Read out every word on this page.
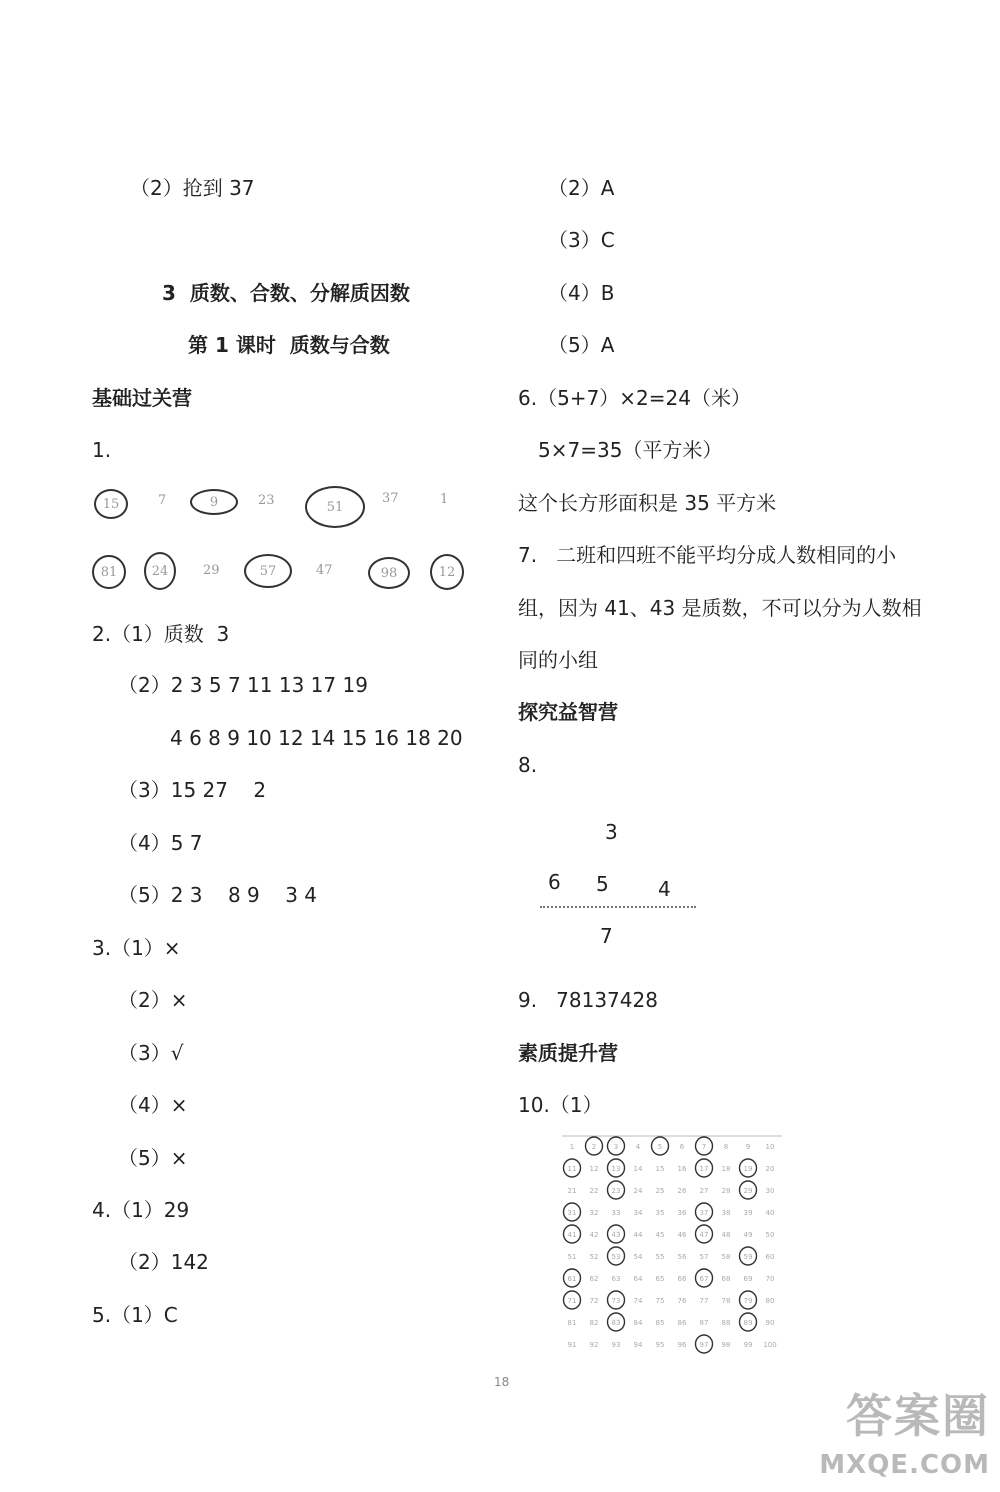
（2）抢到 37
3  质数、合数、分解质因数
第 1 课时  质数与合数
基础过关营
1.
15	7	9	23	51
37	1
81	24	29	57	47	98	12
2.（1）质数  3
（2）2 3 5 7 11 13 17 19
4 6 8 9 10 12 14 15 16 18 20
（3）15 27    2
（4）5 7
（5）2 3    8 9    3 4
3.（1）×
（2）×
（3）√
（4）×
（5）×
4.（1）29
（2）142
5.（1）C
（2）A
（3）C
（4）B
（5）A
6.（5+7）×2=24（米）
5×7=35（平方米）
这个长方形面积是 35 平方米
7.   二班和四班不能平均分成人数相同的小
组，因为 41、43 是质数，不可以分为人数相
同的小组
探究益智营
8.
3
6 5 4
7
9.   78137428
素质提升营
10.（1）
1	2	3	4	5	6	7	8	9 10
11 12 13 14 15 16 17 18 19 20
21 22 23 24 25 26 27 28 29 30
31 32 33 34 35 36 37 38 39 40
41 42 43 44 45 46 47 48 49 50
51 52 53 54 55 56 57 58 59 60
61 62 63 64 65 66 67 68 69 70
71 72 73 74 75 76 77 78 79 80
81 82 83 84 85 86 87 88 89 90
91 92 93 94 95 96 97 98 99 100
18
答案圈
MXQE.COM
